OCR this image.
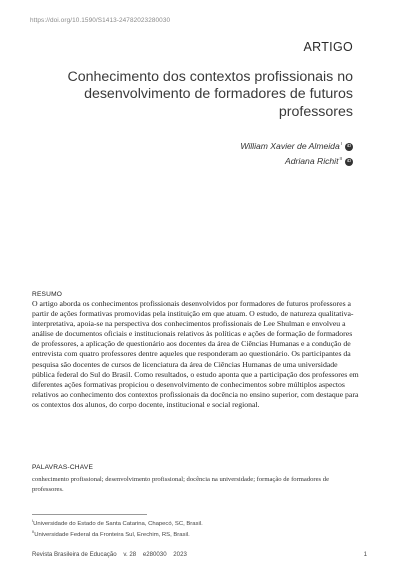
https://doi.org/10.1590/S1413-24782023280030
ARTIGO
Conhecimento dos contextos profissionais no desenvolvimento de formadores de futuros professores
William Xavier de Almeida$^I$ iD
Adriana Richit$^{II}$ iD
RESUMO
O artigo aborda os conhecimentos profissionais desenvolvidos por formadores de futuros professores a partir de ações formativas promovidas pela instituição em que atuam. O estudo, de natureza qualitativa-interpretativa, apoia-se na perspectiva dos conhecimentos profissionais de Lee Shulman e envolveu a análise de documentos oficiais e institucionais relativos às políticas e ações de formação de formadores de professores, a aplicação de questionário aos docentes da área de Ciências Humanas e a condução de entrevista com quatro professores dentre aqueles que responderam ao questionário. Os participantes da pesquisa são docentes de cursos de licenciatura da área de Ciências Humanas de uma universidade pública federal do Sul do Brasil. Como resultados, o estudo aponta que a participação dos professores em diferentes ações formativas propiciou o desenvolvimento de conhecimentos sobre múltiplos aspectos relativos ao conhecimento dos contextos profissionais da docência no ensino superior, com destaque para os contextos dos alunos, do corpo docente, institucional e social regional.
PALAVRAS-CHAVE
conhecimento profissional; desenvolvimento profissional; docência na universidade; formação de formadores de professores.
$^I$Universidade do Estado de Santa Catarina, Chapecó, SC, Brasil.
$^{II}$Universidade Federal da Fronteira Sul, Erechim, RS, Brasil.
Revista Brasileira de Educação v. 28 e280030 2023	1
